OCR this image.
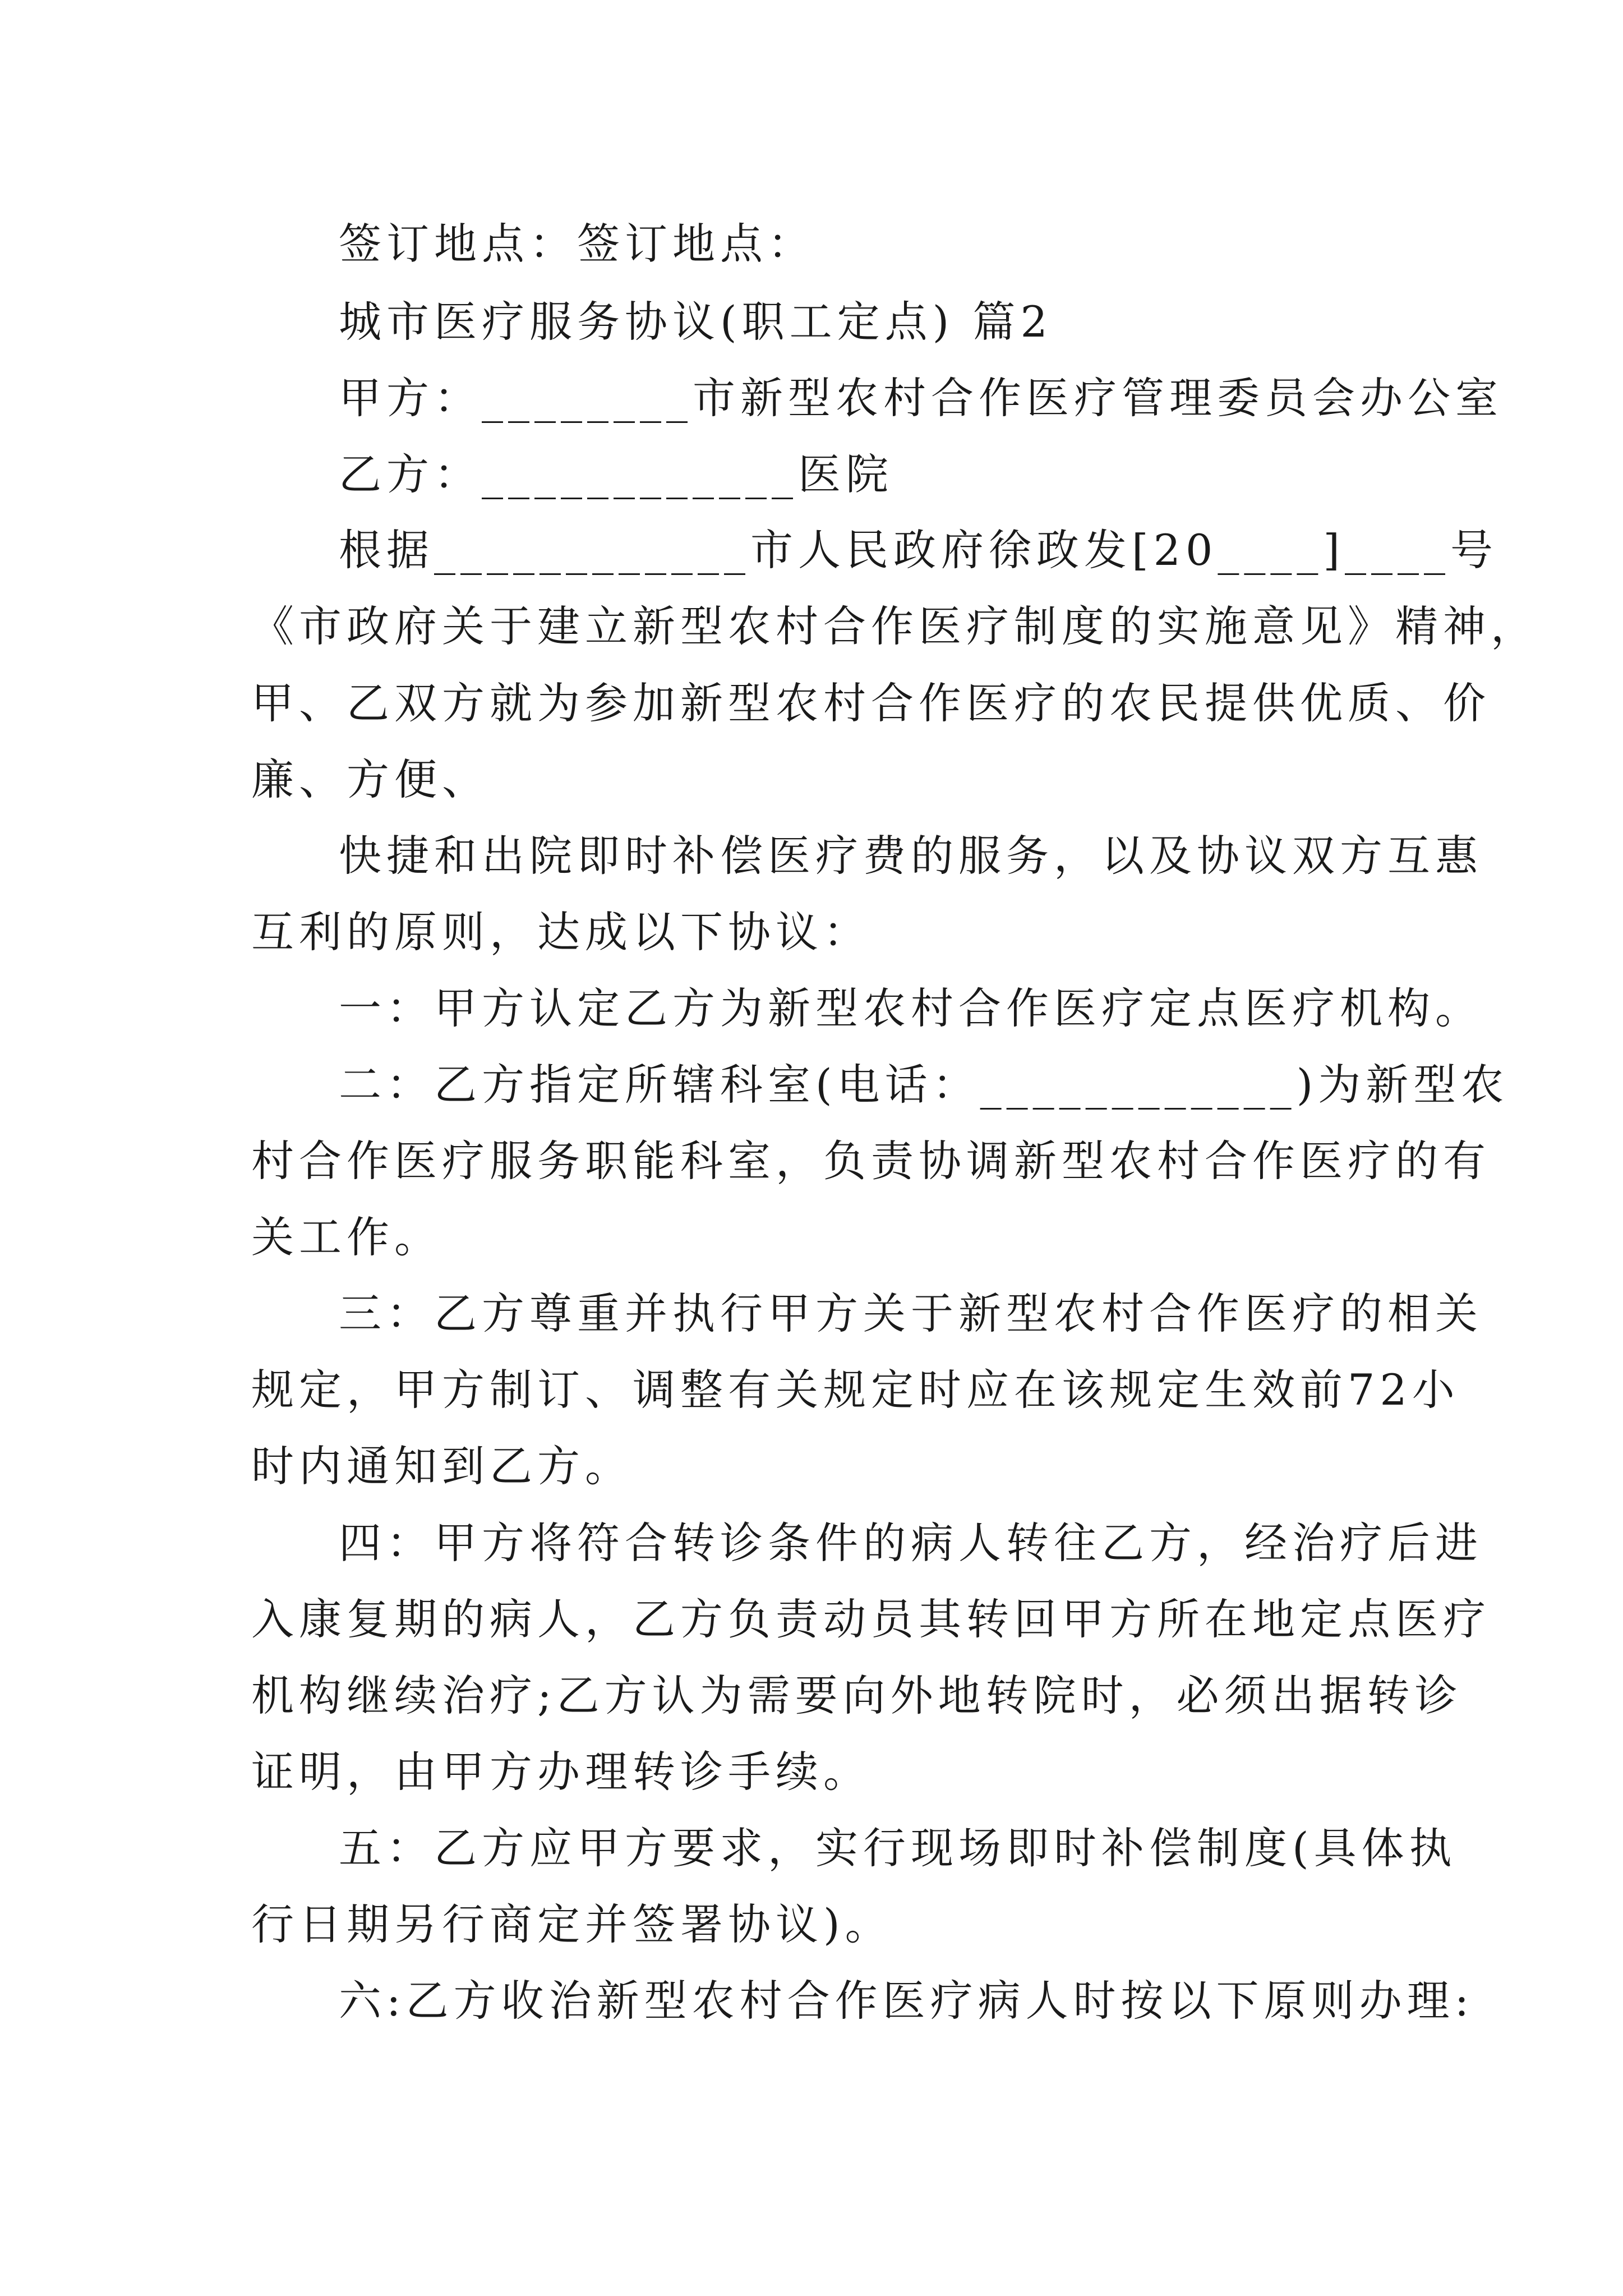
签订地点：签订地点：
城市医疗服务协议(职工定点) 篇2
甲方：________市新型农村合作医疗管理委员会办公室
乙方：____________医院
根据____________市人民政府徐政发[20____]____号
《市政府关于建立新型农村合作医疗制度的实施意见》精神，
甲、乙双方就为参加新型农村合作医疗的农民提供优质、价
廉、方便、
快捷和出院即时补偿医疗费的服务，以及协议双方互惠
互利的原则，达成以下协议：
一：甲方认定乙方为新型农村合作医疗定点医疗机构。
二：乙方指定所辖科室(电话：____________)为新型农
村合作医疗服务职能科室，负责协调新型农村合作医疗的有
关工作。
三：乙方尊重并执行甲方关于新型农村合作医疗的相关
规定，甲方制订、调整有关规定时应在该规定生效前72小
时内通知到乙方。
四：甲方将符合转诊条件的病人转往乙方，经治疗后进
入康复期的病人，乙方负责动员其转回甲方所在地定点医疗
机构继续治疗;乙方认为需要向外地转院时，必须出据转诊
证明，由甲方办理转诊手续。
五：乙方应甲方要求，实行现场即时补偿制度(具体执
行日期另行商定并签署协议)。
六:乙方收治新型农村合作医疗病人时按以下原则办理:
